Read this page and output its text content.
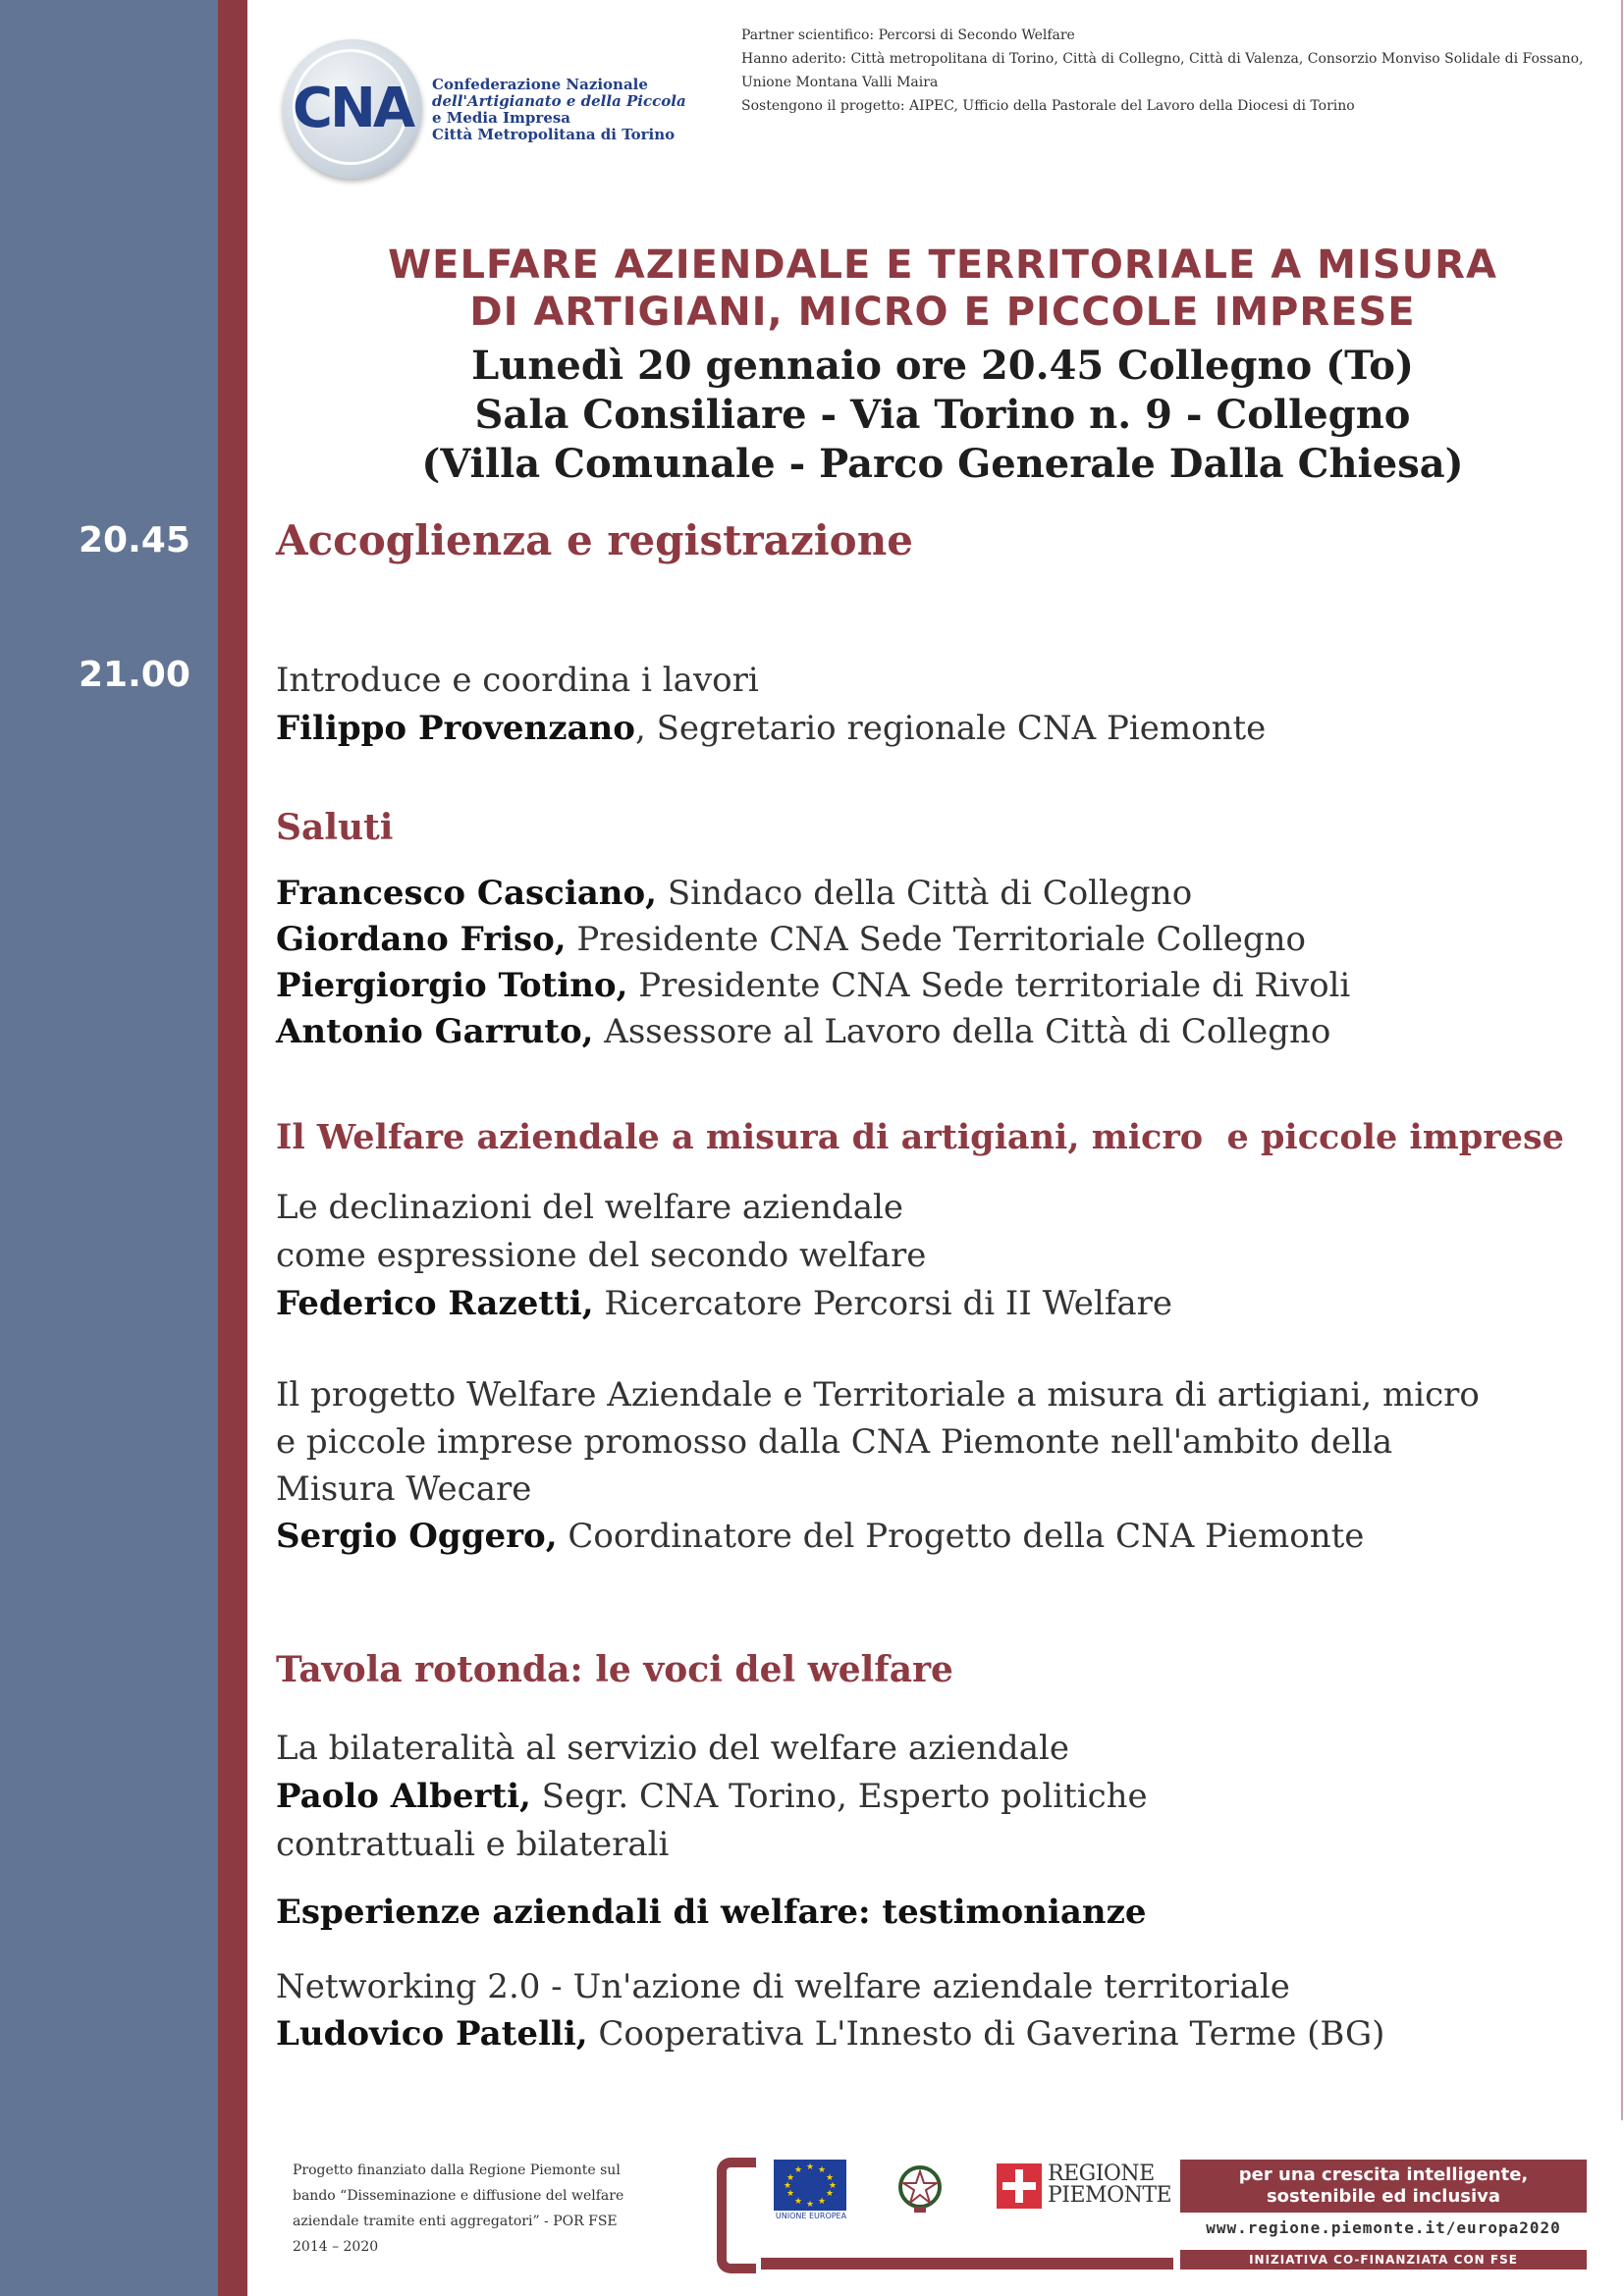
CNA Confederazione Nazionale
dell'Artigianato e della Piccola
e Media Impresa
Città Metropolitana di Torino
Partner scientifico: Percorsi di Secondo Welfare
Hanno aderito: Città metropolitana di Torino, Città di Collegno, Città di Valenza, Consorzio Monviso Solidale di Fossano,
Unione Montana Valli Maira
Sostengono il progetto: AIPEC, Ufficio della Pastorale del Lavoro della Diocesi di Torino
WELFARE AZIENDALE E TERRITORIALE A MISURA
DI ARTIGIANI, MICRO E PICCOLE IMPRESE
Lunedì 20 gennaio ore 20.45 Collegno (To)
Sala Consiliare - Via Torino n. 9 - Collegno
(Villa Comunale - Parco Generale Dalla Chiesa)
20.45
21.00
Accoglienza e registrazione
Introduce e coordina i lavori
Filippo Provenzano, Segretario regionale CNA Piemonte
Saluti
Francesco Casciano, Sindaco della Città di Collegno
Giordano Friso, Presidente CNA Sede Territoriale Collegno
Piergiorgio Totino, Presidente CNA Sede territoriale di Rivoli
Antonio Garruto, Assessore al Lavoro della Città di Collegno
Il Welfare aziendale a misura di artigiani, micro  e piccole imprese
Le declinazioni del welfare aziendale
come espressione del secondo welfare
Federico Razetti, Ricercatore Percorsi di II Welfare
Il progetto Welfare Aziendale e Territoriale a misura di artigiani, micro
e piccole imprese promosso dalla CNA Piemonte nell'ambito della
Misura Wecare
Sergio Oggero, Coordinatore del Progetto della CNA Piemonte
Tavola rotonda: le voci del welfare
La bilateralità al servizio del welfare aziendale
Paolo Alberti, Segr. CNA Torino, Esperto politiche
contrattuali e bilaterali
Esperienze aziendali di welfare: testimonianze
Networking 2.0 - Un'azione di welfare aziendale territoriale
Ludovico Patelli, Cooperativa L'Innesto di Gaverina Terme (BG)
Progetto finanziato dalla Regione Piemonte sul
bando “Disseminazione e diffusione del welfare
aziendale tramite enti aggregatori” - POR FSE
2014 – 2020
★ ★
★
★
★
★
★
★
★
★
★
★
UNIONE EUROPEA
REGIONE
PIEMONTE
per una crescita intelligente,
sostenibile ed inclusiva
www.regione.piemonte.it/europa2020
INIZIATIVA CO-FINANZIATA CON FSE
